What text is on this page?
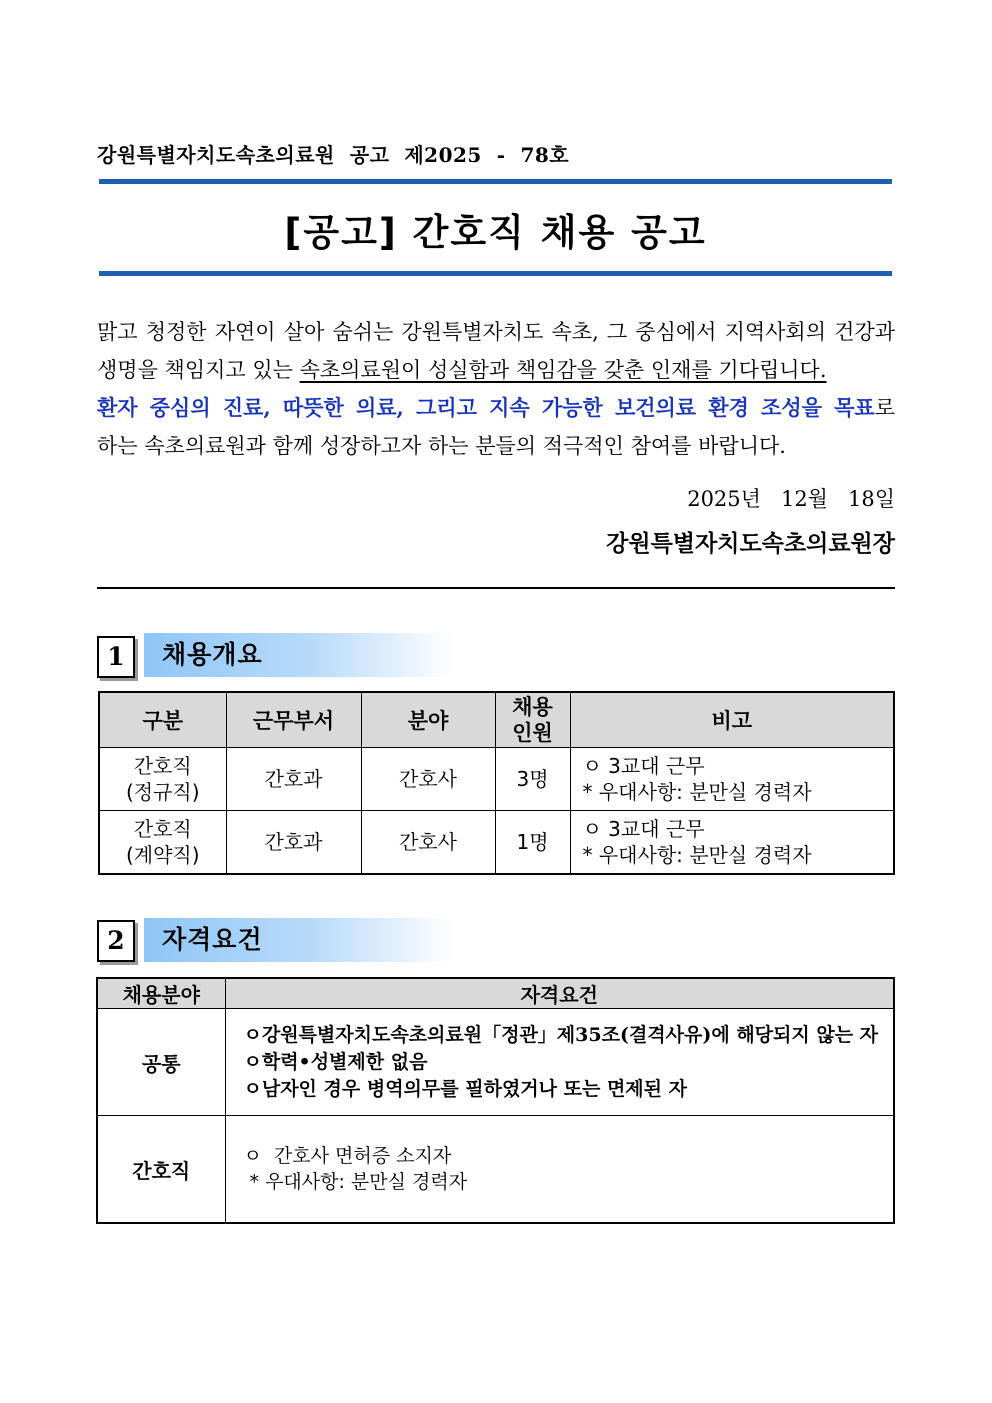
강원특별자치도속초의료원  공고  제2025  -  78호
[공고] 간호직 채용 공고
맑고 청정한 자연이 살아 숨쉬는 강원특별자치도 속초, 그 중심에서 지역사회의 건강과
생명을 책임지고 있는 속초의료원이 성실함과 책임감을 갖춘 인재를 기다립니다.
환자 중심의 진료, 따뜻한 의료, 그리고 지속 가능한 보건의료 환경 조성을 목표로
하는 속초의료원과 함께 성장하고자 하는 분들의 적극적인 참여를 바랍니다.
2025년   12월   18일
강원특별자치도속초의료원장
1	채용개요
구분	근무부서	분야	채용
인원	비고
간호직
(정규직)	간호과	간호사	3명	ㅇ 3교대 근무
* 우대사항: 분만실 경력자
간호직
(계약직)	간호과	간호사	1명	ㅇ 3교대 근무
* 우대사항: 분만실 경력자
2	자격요건
채용분야	자격요건
공통	ㅇ강원특별자치도속초의료원「정관」제35조(결격사유)에 해당되지 않는 자
ㅇ학력•성별제한 없음
ㅇ남자인 경우 병역의무를 필하였거나 또는 면제된 자

간호직	ㅇ  간호사 면허증 소지자
* 우대사항: 분만실 경력자
